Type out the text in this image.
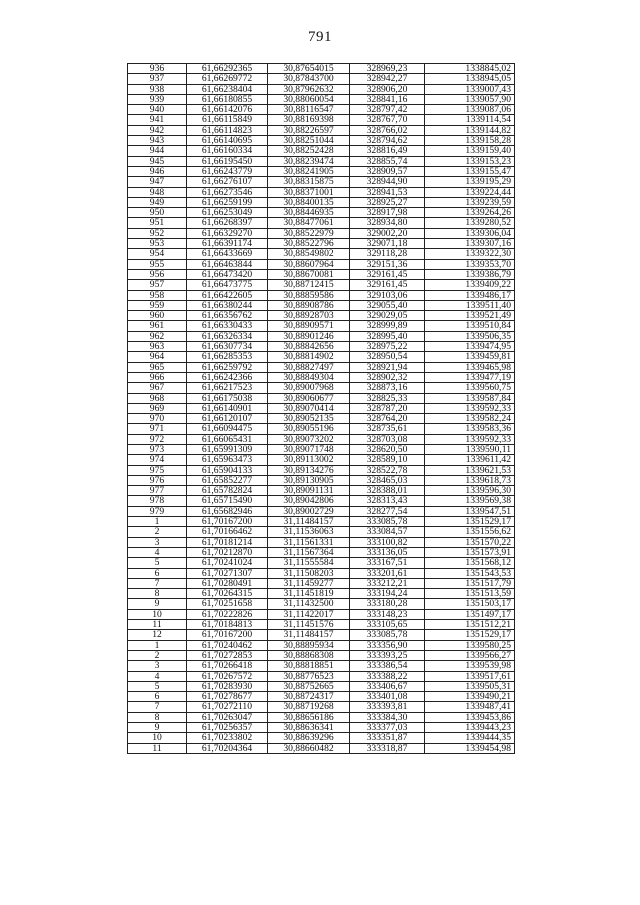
791
936	61,66292365	30,87654015	328969,23	1338845,02
937	61,66269772	30,87843700	328942,27	1338945,05
938	61,66238404	30,87962632	328906,20	1339007,43
939	61,66180855	30,88060054	328841,16	1339057,90
940	61,66142076	30,88116547	328797,42	1339087,06
941	61,66115849	30,88169398	328767,70	1339114,54
942	61,66114823	30,88226597	328766,02	1339144,82
943	61,66140695	30,88251044	328794,62	1339158,28
944	61,66160334	30,88252428	328816,49	1339159,40
945	61,66195450	30,88239474	328855,74	1339153,23
946	61,66243779	30,88241905	328909,57	1339155,47
947	61,66276107	30,88315875	328944,90	1339195,29
948	61,66273546	30,88371001	328941,53	1339224,44
949	61,66259199	30,88400135	328925,27	1339239,59
950	61,66253049	30,88446935	328917,98	1339264,26
951	61,66268397	30,88477061	328934,80	1339280,52
952	61,66329270	30,88522979	329002,20	1339306,04
953	61,66391174	30,88522796	329071,18	1339307,16
954	61,66433669	30,88549802	329118,28	1339322,30
955	61,66463844	30,88607964	329151,36	1339353,70
956	61,66473420	30,88670081	329161,45	1339386,79
957	61,66473775	30,88712415	329161,45	1339409,22
958	61,66422605	30,88859586	329103,06	1339486,17
959	61,66380244	30,88908786	329055,40	1339511,40
960	61,66356762	30,88928703	329029,05	1339521,49
961	61,66330433	30,88909571	328999,89	1339510,84
962	61,66326334	30,88901246	328995,40	1339506,35
963	61,66307734	30,88842656	328975,22	1339474,95
964	61,66285353	30,88814902	328950,54	1339459,81
965	61,66259792	30,88827497	328921,94	1339465,98
966	61,66242366	30,88849304	328902,32	1339477,19
967	61,66217523	30,89007968	328873,16	1339560,75
968	61,66175038	30,89060677	328825,33	1339587,84
969	61,66140901	30,89070414	328787,20	1339592,33
970	61,66120107	30,89052135	328764,20	1339582,24
971	61,66094475	30,89055196	328735,61	1339583,36
972	61,66065431	30,89073202	328703,08	1339592,33
973	61,65991309	30,89071748	328620,50	1339590,11
974	61,65963473	30,89113002	328589,10	1339611,42
975	61,65904133	30,89134276	328522,78	1339621,53
976	61,65852277	30,89130905	328465,03	1339618,73
977	61,65782824	30,89091131	328388,01	1339596,30
978	61,65715490	30,89042806	328313,43	1339569,38
979	61,65682946	30,89002729	328277,54	1339547,51
1	61,70167200	31,11484157	333085,78	1351529,17
2	61,70166462	31,11536063	333084,57	1351556,62
3	61,70181214	31,11561331	333100,82	1351570,22
4	61,70212870	31,11567364	333136,05	1351573,91
5	61,70241024	31,11555584	333167,51	1351568,12
6	61,70271307	31,11508203	333201,61	1351543,53
7	61,70280491	31,11459277	333212,21	1351517,79
8	61,70264315	31,11451819	333194,24	1351513,59
9	61,70251658	31,11432500	333180,28	1351503,17
10	61,70222826	31,11422017	333148,23	1351497,17
11	61,70184813	31,11451576	333105,65	1351512,21
12	61,70167200	31,11484157	333085,78	1351529,17
1	61,70240462	30,88895934	333356,90	1339580,25
2	61,70272853	30,88868308	333393,25	1339566,27
3	61,70266418	30,88818851	333386,54	1339539,98
4	61,70267572	30,88776523	333388,22	1339517,61
5	61,70283930	30,88752665	333406,67	1339505,31
6	61,70278677	30,88724317	333401,08	1339490,21
7	61,70272110	30,88719268	333393,81	1339487,41
8	61,70263047	30,88656186	333384,30	1339453,86
9	61,70256357	30,88636341	333377,03	1339443,23
10	61,70233802	30,88639296	333351,87	1339444,35
11	61,70204364	30,88660482	333318,87	1339454,98
